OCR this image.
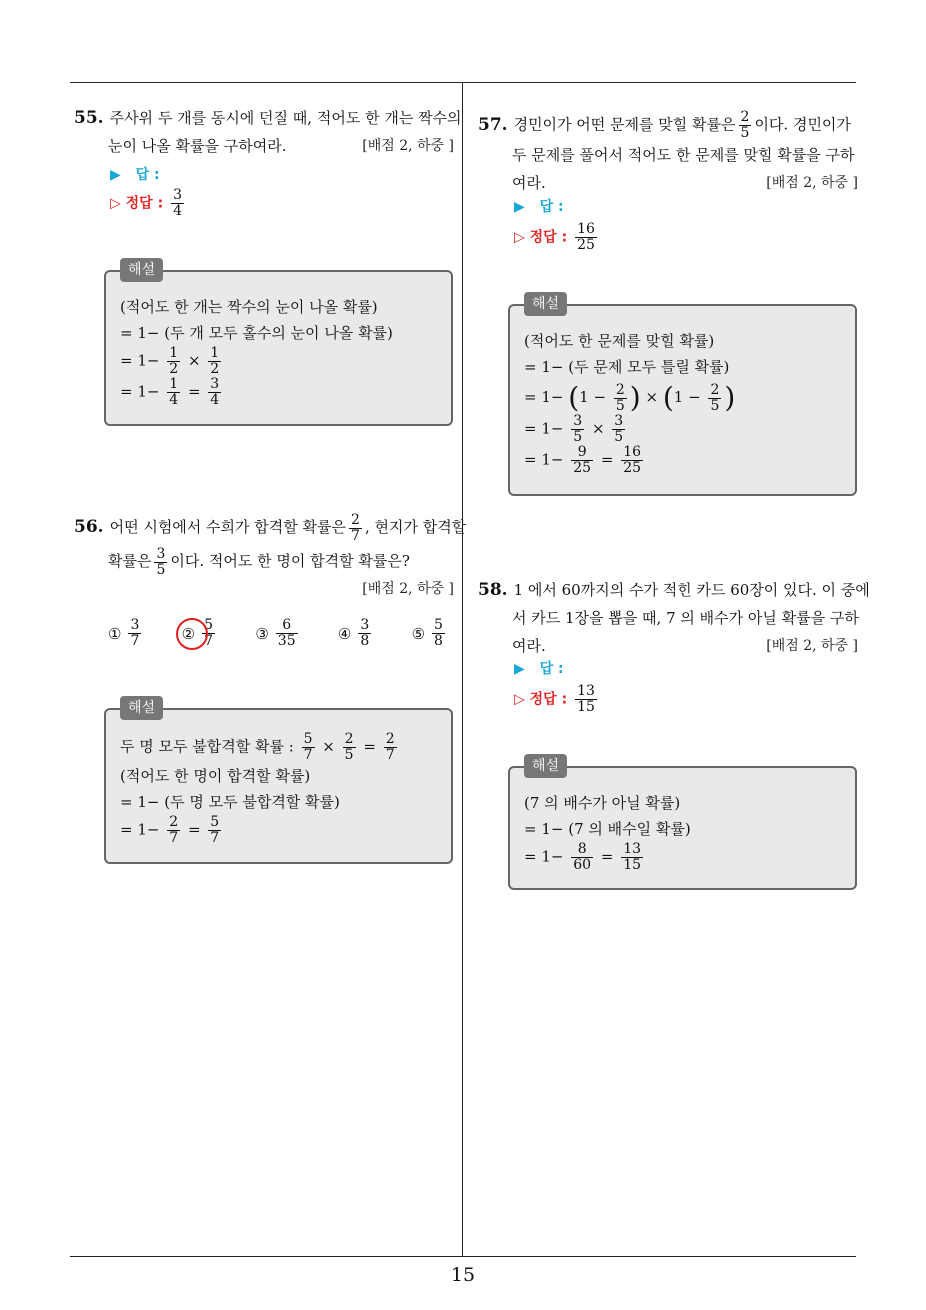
15
55. 주사위 두 개를 동시에 던질 때, 적어도 한 개는 짝수의
눈이 나올 확률을 구하여라.	[배점 2, 하중 ]
▶ 답 :
▷ 정답 : $\frac{3}{4}$
해설
(적어도 한 개는 짝수의 눈이 나올 확률)
= 1− (두 개 모두 홀수의 눈이 나올 확률)
= $1- \frac{1}{2} \times \frac{1}{2}$
= $1- \frac{1}{4} = \frac{3}{4}$
56. 어떤 시험에서 수희가 합격할 확률은 $\frac{2}{7}$ , 현지가 합격할
확률은 $\frac{3}{5}$ 이다. 적어도 한 명이 합격할 확률은?
[배점 2, 하중 ]
① $\frac{3}{7}$	② $\frac{5}{7}$	③ $\frac{6}{35}$	④ $\frac{3}{8}$	⑤ $\frac{5}{8}$
해설
두 명 모두 불합격할 확률 : $\frac{5}{7} \times \frac{2}{5} = \frac{2}{7}$
(적어도 한 명이 합격할 확률)
= 1− (두 명 모두 불합격할 확률)
= $1- \frac{2}{7} = \frac{5}{7}$
57. 경민이가 어떤 문제를 맞힐 확률은 $\frac{2}{5}$ 이다. 경민이가
두 문제를 풀어서 적어도 한 문제를 맞힐 확률을 구하
여라.	[배점 2, 하중 ]
▶ 답 :
▷ 정답 : $\frac{16}{25}$
해설
(적어도 한 문제를 맞힐 확률)
= 1− (두 문제 모두 틀릴 확률)
= $1- (1 - \frac{2}{5}$ ) × ($1 - \frac{2}{5}$ )
= $1- \frac{3}{5} \times \frac{3}{5}$
= $1- \frac{9}{25} = \frac{16}{25}$
58. 1 에서 60까지의 수가 적힌 카드 60장이 있다. 이 중에
서 카드 1장을 뽑을 때, 7 의 배수가 아닐 확률을 구하
여라.	[배점 2, 하중 ]
▶ 답 :
▷ 정답 : $\frac{13}{15}$
해설
(7 의 배수가 아닐 확률)
= 1− (7 의 배수일 확률)
= $1- \frac{8}{60} = \frac{13}{15}$
